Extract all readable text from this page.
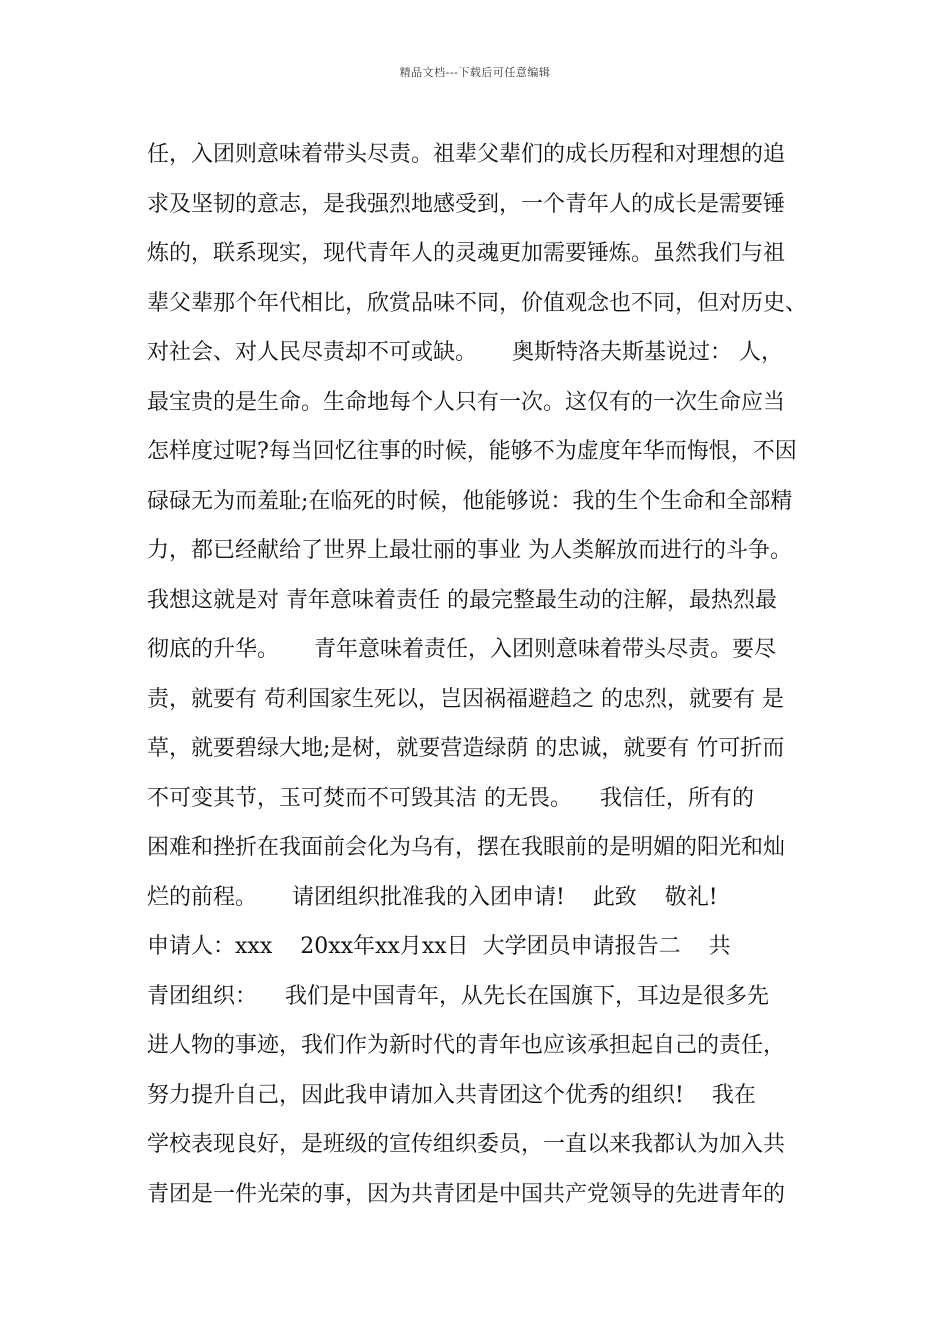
精品文档---下载后可任意编辑
任，入团则意味着带头尽责。祖辈父辈们的成长历程和对理想的追
求及坚韧的意志，是我强烈地感受到，一个青年人的成长是需要锤
炼的，联系现实，现代青年人的灵魂更加需要锤炼。虽然我们与祖
辈父辈那个年代相比，欣赏品味不同，价值观念也不同，但对历史、
对社会、对人民尽责却不可或缺。     奥斯特洛夫斯基说过： 人，
最宝贵的是生命。生命地每个人只有一次。这仅有的一次生命应当
怎样度过呢?每当回忆往事的时候，能够不为虚度年华而悔恨，不因
碌碌无为而羞耻;在临死的时候，他能够说：我的生个生命和全部精
力，都已经献给了世界上最壮丽的事业 为人类解放而进行的斗争。
我想这就是对 青年意味着责任 的最完整最生动的注解，最热烈最
彻底的升华。     青年意味着责任，入团则意味着带头尽责。要尽
责，就要有 苟利国家生死以，岂因祸福避趋之 的忠烈，就要有 是
草，就要碧绿大地;是树，就要营造绿荫 的忠诚，就要有 竹可折而
不可变其节，玉可焚而不可毁其洁 的无畏。    我信任，所有的
困难和挫折在我面前会化为乌有，摆在我眼前的是明媚的阳光和灿
烂的前程。     请团组织批准我的入团申请!    此致    敬礼!
申请人：xxx    20xx年xx月xx日  大学团员申请报告二    共
青团组织：    我们是中国青年，从先长在国旗下，耳边是很多先
进人物的事迹，我们作为新时代的青年也应该承担起自己的责任，
努力提升自己，因此我申请加入共青团这个优秀的组织!    我在
学校表现良好，是班级的宣传组织委员，一直以来我都认为加入共
青团是一件光荣的事，因为共青团是中国共产党领导的先进青年的
